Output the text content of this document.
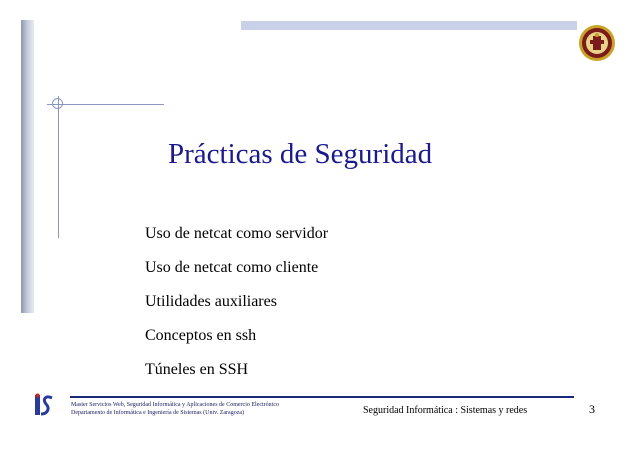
Prácticas de Seguridad
Uso de netcat como servidor
Uso de netcat como cliente
Utilidades auxiliares
Conceptos en ssh
Túneles en SSH
Master Servicios Web, Seguridad Informática y Aplicaciones de Comercio Electrónico
Departamento de Informática e Ingeniería de Sistemas (Univ. Zaragoza)	Seguridad Informática : Sistemas y redes	3
